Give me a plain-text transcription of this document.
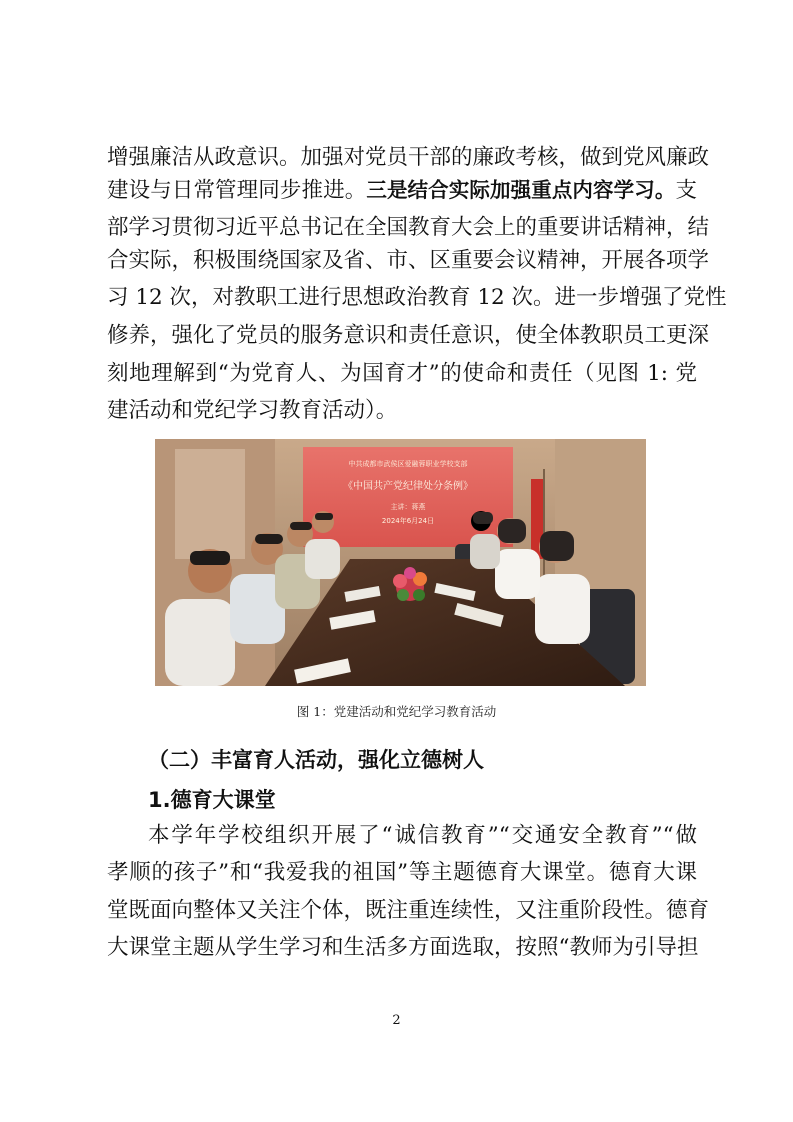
增强廉洁从政意识。加强对党员干部的廉政考核，做到党风廉政
建设与日常管理同步推进。三是结合实际加强重点内容学习。支
部学习贯彻习近平总书记在全国教育大会上的重要讲话精神，结
合实际，积极围绕国家及省、市、区重要会议精神，开展各项学
习 12 次，对教职工进行思想政治教育 12 次。进一步增强了党性
修养，强化了党员的服务意识和责任意识，使全体教职员工更深
刻地理解到“为党育人、为国育才”的使命和责任（见图 1: 党
建活动和党纪学习教育活动）。
中共成都市武侯区爱融蓉职业学校支部
《中国共产党纪律处分条例》
主讲：蒋燕
2024年6月24日
图 1：党建活动和党纪学习教育活动
（二）丰富育人活动，强化立德树人
1.德育大课堂
本学年学校组织开展了“诚信教育”“交通安全教育”“做
孝顺的孩子”和“我爱我的祖国”等主题德育大课堂。德育大课
堂既面向整体又关注个体，既注重连续性，又注重阶段性。德育
大课堂主题从学生学习和生活多方面选取，按照“教师为引导担
2
